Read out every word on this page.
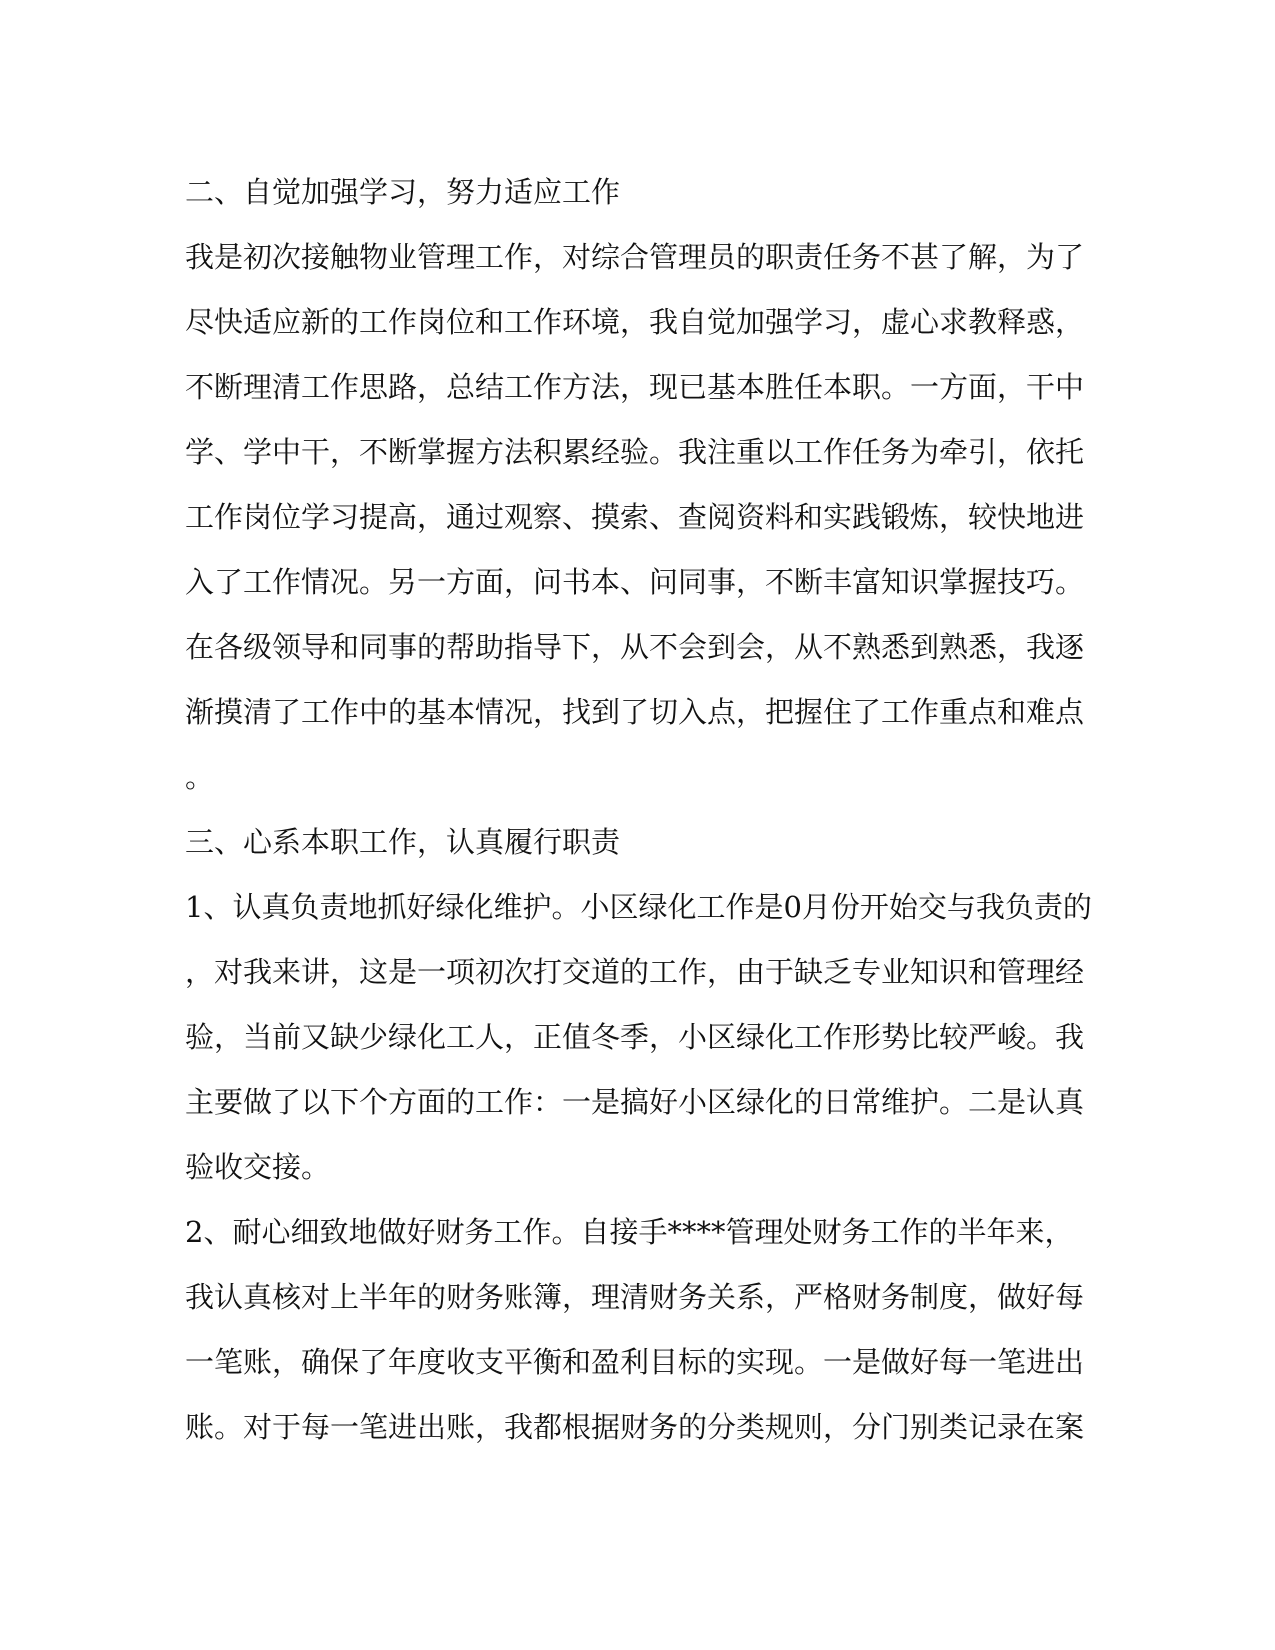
二、自觉加强学习，努力适应工作
我是初次接触物业管理工作，对综合管理员的职责任务不甚了解，为了
尽快适应新的工作岗位和工作环境，我自觉加强学习，虚心求教释惑，
不断理清工作思路，总结工作方法，现已基本胜任本职。一方面，干中
学、学中干，不断掌握方法积累经验。我注重以工作任务为牵引，依托
工作岗位学习提高，通过观察、摸索、查阅资料和实践锻炼，较快地进
入了工作情况。另一方面，问书本、问同事，不断丰富知识掌握技巧。
在各级领导和同事的帮助指导下，从不会到会，从不熟悉到熟悉，我逐
渐摸清了工作中的基本情况，找到了切入点，把握住了工作重点和难点
。
三、心系本职工作，认真履行职责
1、认真负责地抓好绿化维护。小区绿化工作是0月份开始交与我负责的
，对我来讲，这是一项初次打交道的工作，由于缺乏专业知识和管理经
验，当前又缺少绿化工人，正值冬季，小区绿化工作形势比较严峻。我
主要做了以下个方面的工作：一是搞好小区绿化的日常维护。二是认真
验收交接。
2、耐心细致地做好财务工作。自接手****管理处财务工作的半年来，
我认真核对上半年的财务账簿，理清财务关系，严格财务制度，做好每
一笔账，确保了年度收支平衡和盈利目标的实现。一是做好每一笔进出
账。对于每一笔进出账，我都根据财务的分类规则，分门别类记录在案
